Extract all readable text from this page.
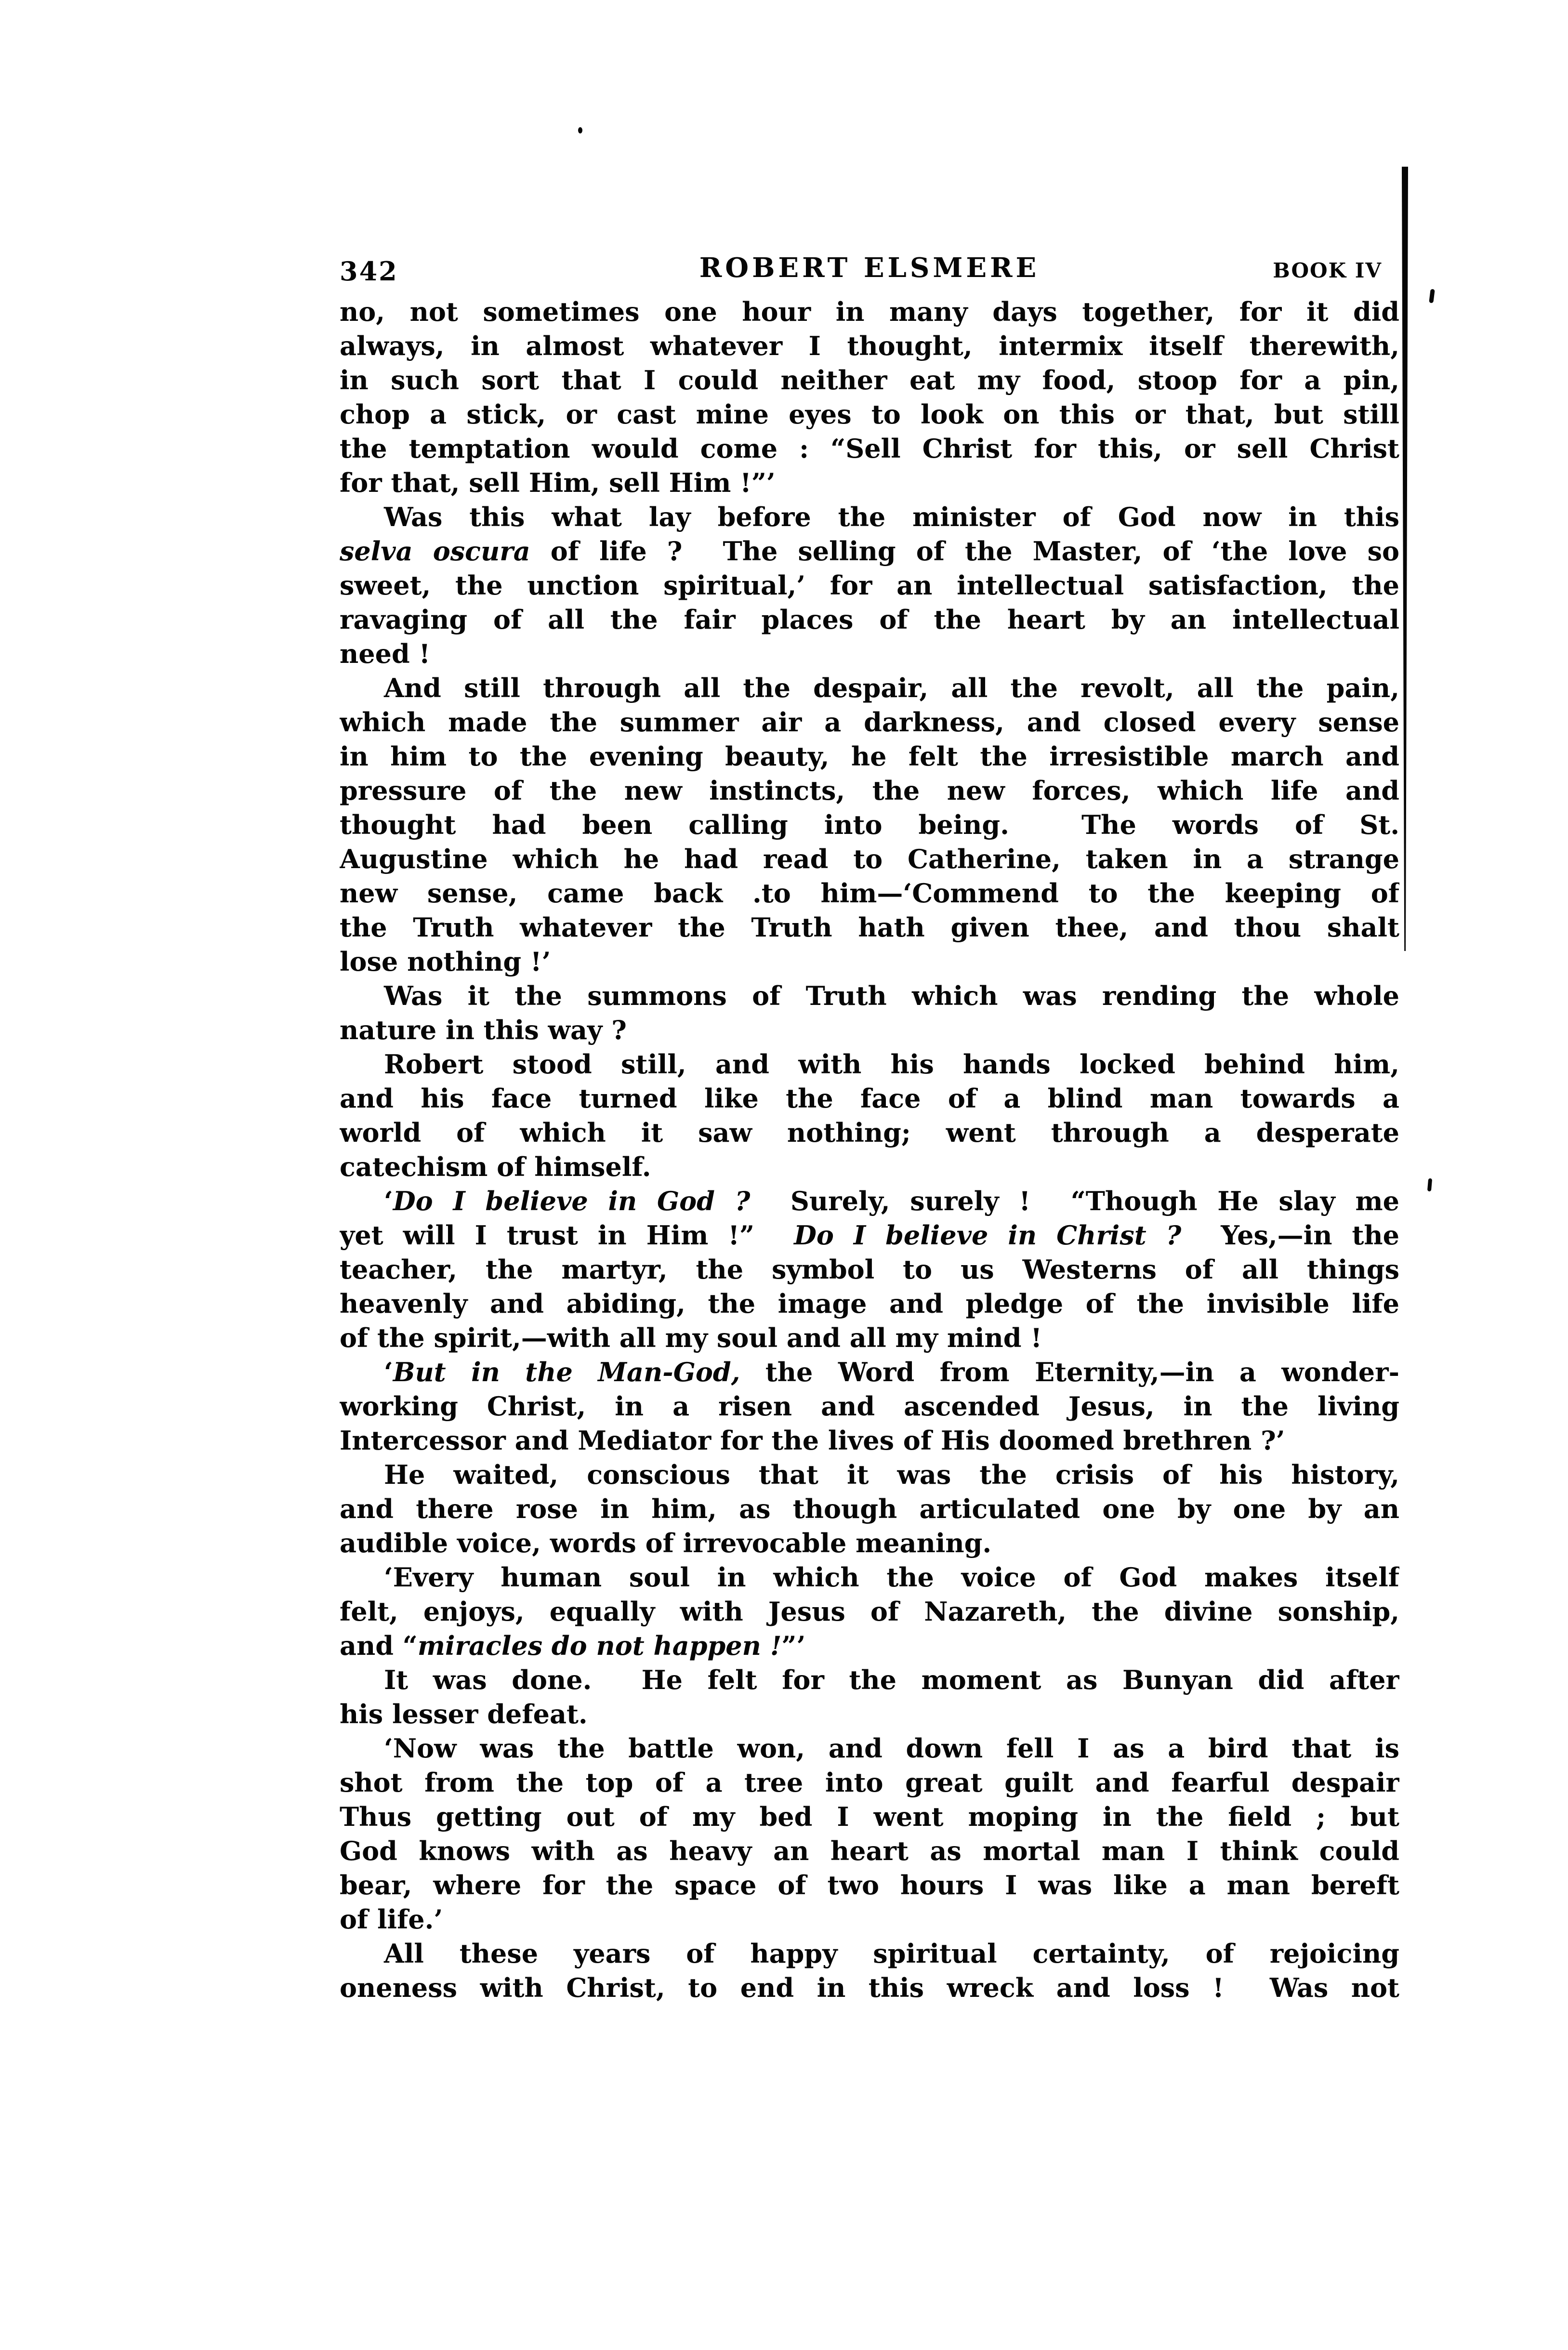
342	ROBERT ELSMERE	BOOK IV
no, not sometimes one hour in many days together, for it did
always, in almost whatever I thought, intermix itself therewith,
in such sort that I could neither eat my food, stoop for a pin,
chop a stick, or cast mine eyes to look on this or that, but still
the temptation would come : “Sell Christ for this, or sell Christ
for that, sell Him, sell Him !”’
Was this what lay before the minister of God now in this
selva oscura of life ?  The selling of the Master, of ‘the love so
sweet, the unction spiritual,’ for an intellectual satisfaction, the
ravaging of all the fair places of the heart by an intellectual
need !
And still through all the despair, all the revolt, all the pain,
which made the summer air a darkness, and closed every sense
in him to the evening beauty, he felt the irresistible march and
pressure of the new instincts, the new forces, which life and
thought had been calling into being.  The words of St.
Augustine which he had read to Catherine, taken in a strange
new sense, came back .to him—‘Commend to the keeping of
the Truth whatever the Truth hath given thee, and thou shalt
lose nothing !’
Was it the summons of Truth which was rending the whole
nature in this way ?
Robert stood still, and with his hands locked behind him,
and his face turned like the face of a blind man towards a
world of which it saw nothing; went through a desperate
catechism of himself.
‘Do I believe in God ?  Surely, surely !  “Though He slay me
yet will I trust in Him !”  Do I believe in Christ ?  Yes,—in the
teacher, the martyr, the symbol to us Westerns of all things
heavenly and abiding, the image and pledge of the invisible life
of the spirit,—with all my soul and all my mind !
‘But in the Man-God, the Word from Eternity,—in a wonder-
working Christ, in a risen and ascended Jesus, in the living
Intercessor and Mediator for the lives of His doomed brethren ?’
He waited, conscious that it was the crisis of his history,
and there rose in him, as though articulated one by one by an
audible voice, words of irrevocable meaning.
‘Every human soul in which the voice of God makes itself
felt, enjoys, equally with Jesus of Nazareth, the divine sonship,
and “miracles do not happen !”’
It was done.  He felt for the moment as Bunyan did after
his lesser defeat.
‘Now was the battle won, and down fell I as a bird that is
shot from the top of a tree into great guilt and fearful despair
Thus getting out of my bed I went moping in the field ; but
God knows with as heavy an heart as mortal man I think could
bear, where for the space of two hours I was like a man bereft
of life.’
All these years of happy spiritual certainty, of rejoicing
oneness with Christ, to end in this wreck and loss !  Was not
